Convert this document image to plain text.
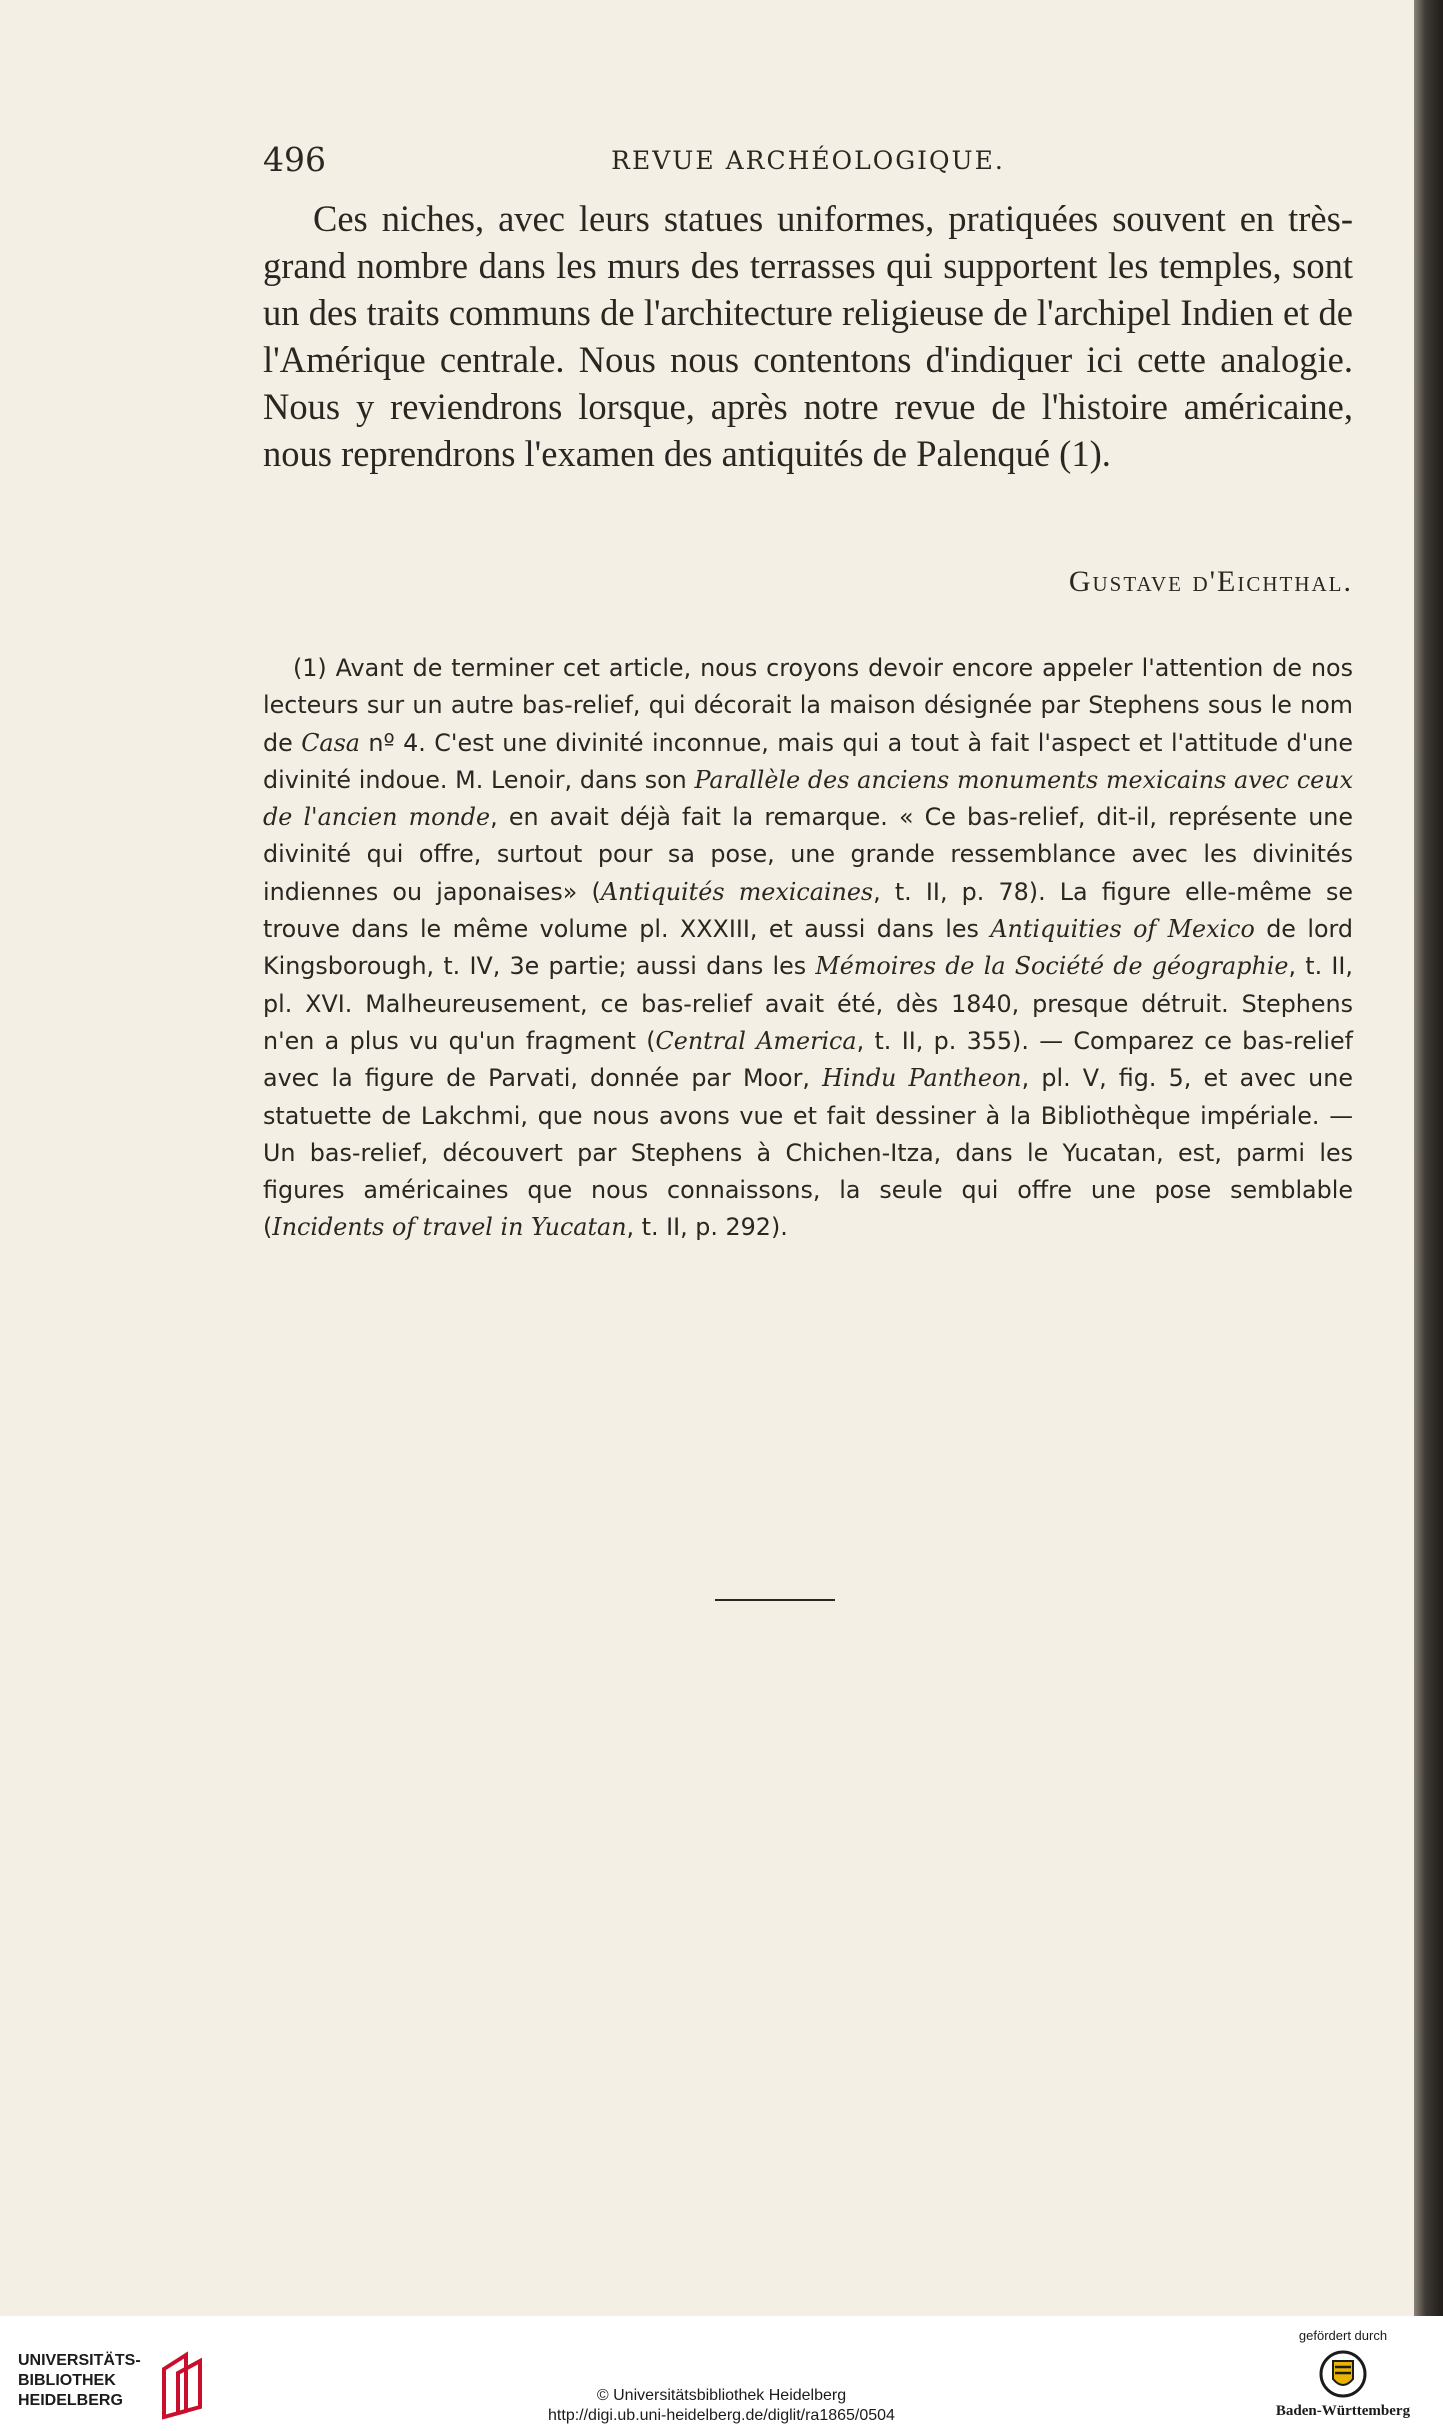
496	REVUE ARCHÉOLOGIQUE.

Ces niches, avec leurs statues uniformes, pratiquées souvent en très-grand nombre dans les murs des terrasses qui supportent les temples, sont un des traits communs de l'architecture religieuse de l'archipel Indien et de l'Amérique centrale. Nous nous contentons d'indiquer ici cette analogie. Nous y reviendrons lorsque, après notre revue de l'histoire américaine, nous reprendrons l'examen des antiquités de Palenqué (1).

Gustave d'Eichthal.

(1) Avant de terminer cet article, nous croyons devoir encore appeler l'attention de nos lecteurs sur un autre bas-relief, qui décorait la maison désignée par Stephens sous le nom de Casa nº 4. C'est une divinité inconnue, mais qui a tout à fait l'aspect et l'attitude d'une divinité indoue. M. Lenoir, dans son Parallèle des anciens monuments mexicains avec ceux de l'ancien monde, en avait déjà fait la remarque. « Ce bas-relief, dit-il, représente une divinité qui offre, surtout pour sa pose, une grande ressemblance avec les divinités indiennes ou japonaises» (Antiquités mexicaines, t. II, p. 78). La figure elle-même se trouve dans le même volume pl. XXXIII, et aussi dans les Antiquities of Mexico de lord Kingsborough, t. IV, 3e partie; aussi dans les Mémoires de la Société de géographie, t. II, pl. XVI. Malheureusement, ce bas-relief avait été, dès 1840, presque détruit. Stephens n'en a plus vu qu'un fragment (Central America, t. II, p. 355). — Comparez ce bas-relief avec la figure de Parvati, donnée par Moor, Hindu Pantheon, pl. V, fig. 5, et avec une statuette de Lakchmi, que nous avons vue et fait dessiner à la Bibliothèque impériale. — Un bas-relief, découvert par Stephens à Chichen-Itza, dans le Yucatan, est, parmi les figures américaines que nous connaissons, la seule qui offre une pose semblable (Incidents of travel in Yucatan, t. II, p. 292).

UNIVERSITÄTS-
BIBLIOTHEK
HEIDELBERG	© Universitätsbibliothek Heidelberg
http://digi.ub.uni-heidelberg.de/diglit/ra1865/0504
gefördert durch
Baden-Württemberg
